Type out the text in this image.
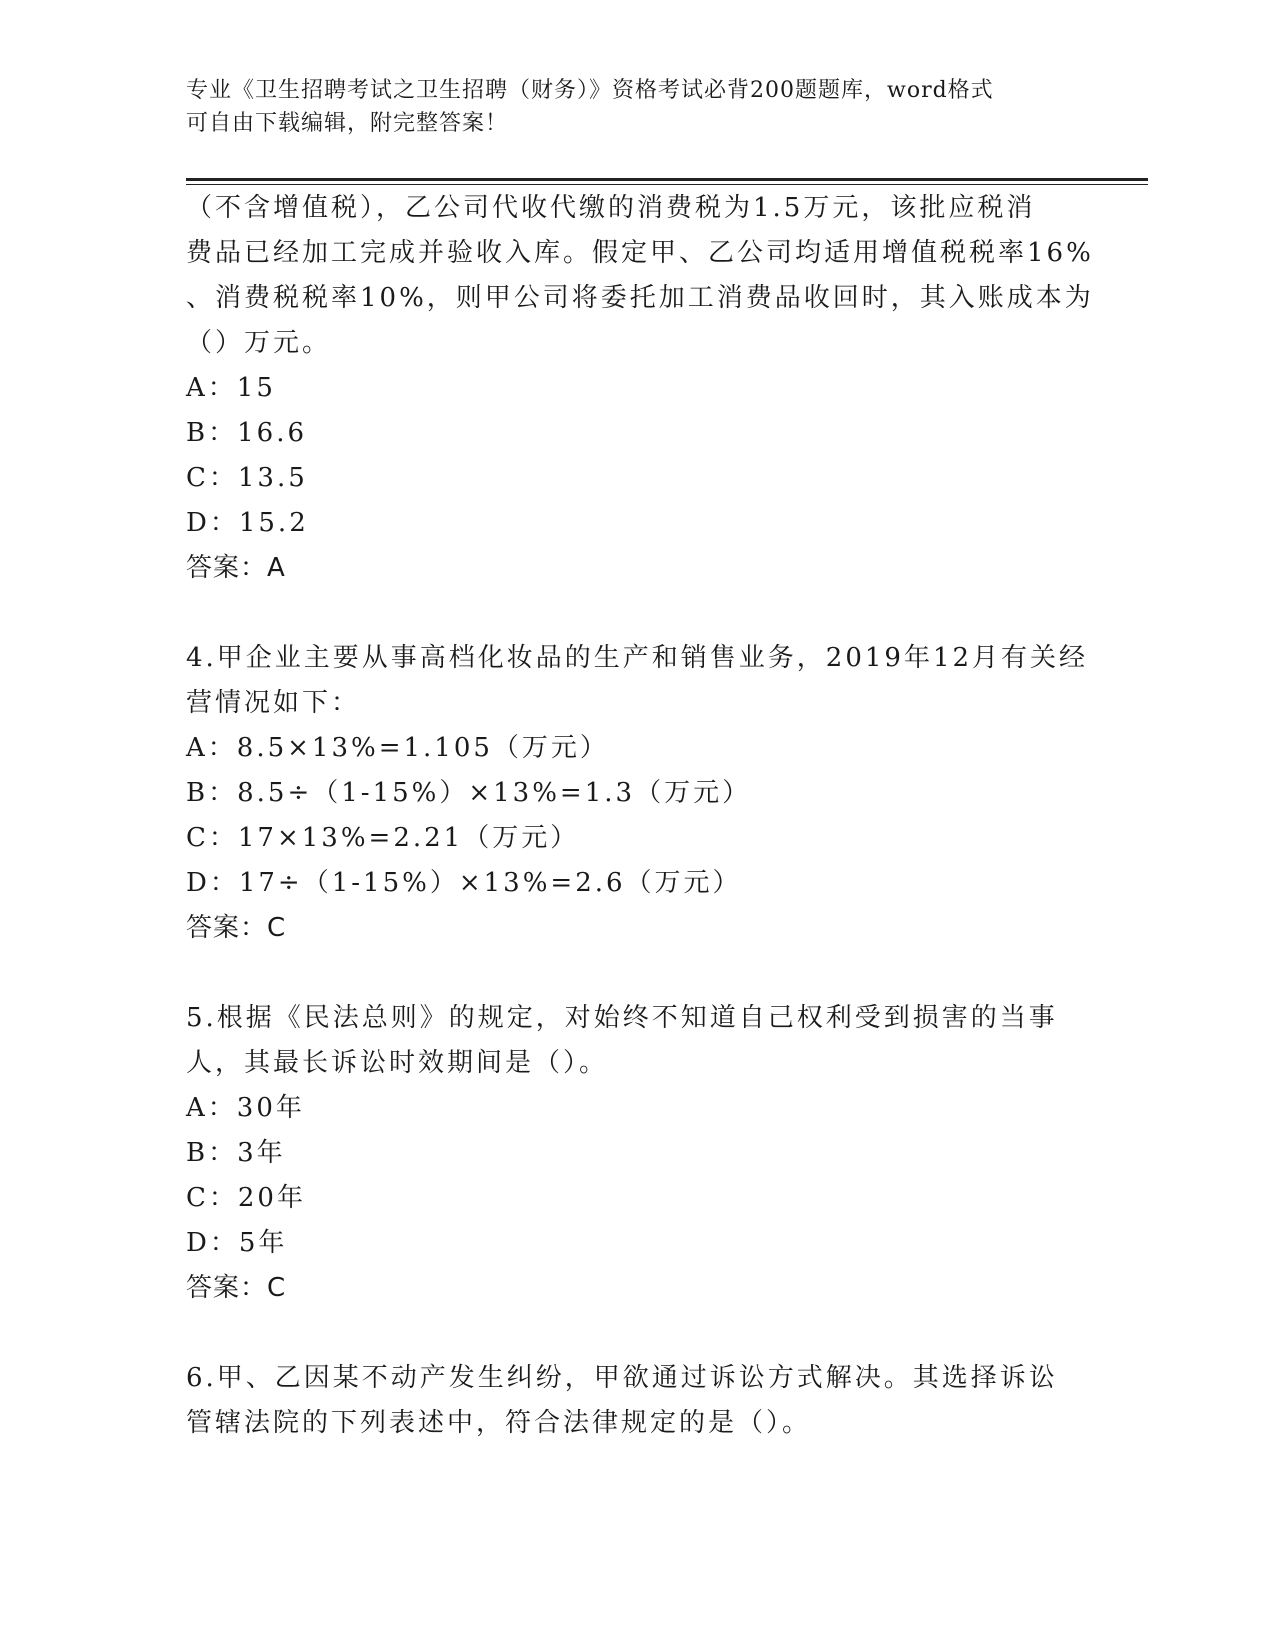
专业《卫生招聘考试之卫生招聘（财务）》资格考试必背200题题库，word格式
可自由下载编辑，附完整答案！
（不含增值税），乙公司代收代缴的消费税为1.5万元，该批应税消
费品已经加工完成并验收入库。假定甲、乙公司均适用增值税税率16%
、消费税税率10%，则甲公司将委托加工消费品收回时，其入账成本为
（）万元。
A：15
B：16.6
C：13.5
D：15.2
答案：A
4.甲企业主要从事高档化妆品的生产和销售业务，2019年12月有关经
营情况如下：
A：8.5×13%=1.105（万元）
B：8.5÷（1-15%）×13%=1.3（万元）
C：17×13%=2.21（万元）
D：17÷（1-15%）×13%=2.6（万元）
答案：C
5.根据《民法总则》的规定，对始终不知道自己权利受到损害的当事
人，其最长诉讼时效期间是（）。
A：30年
B：3年
C：20年
D：5年
答案：C
6.甲、乙因某不动产发生纠纷，甲欲通过诉讼方式解决。其选择诉讼
管辖法院的下列表述中，符合法律规定的是（）。
